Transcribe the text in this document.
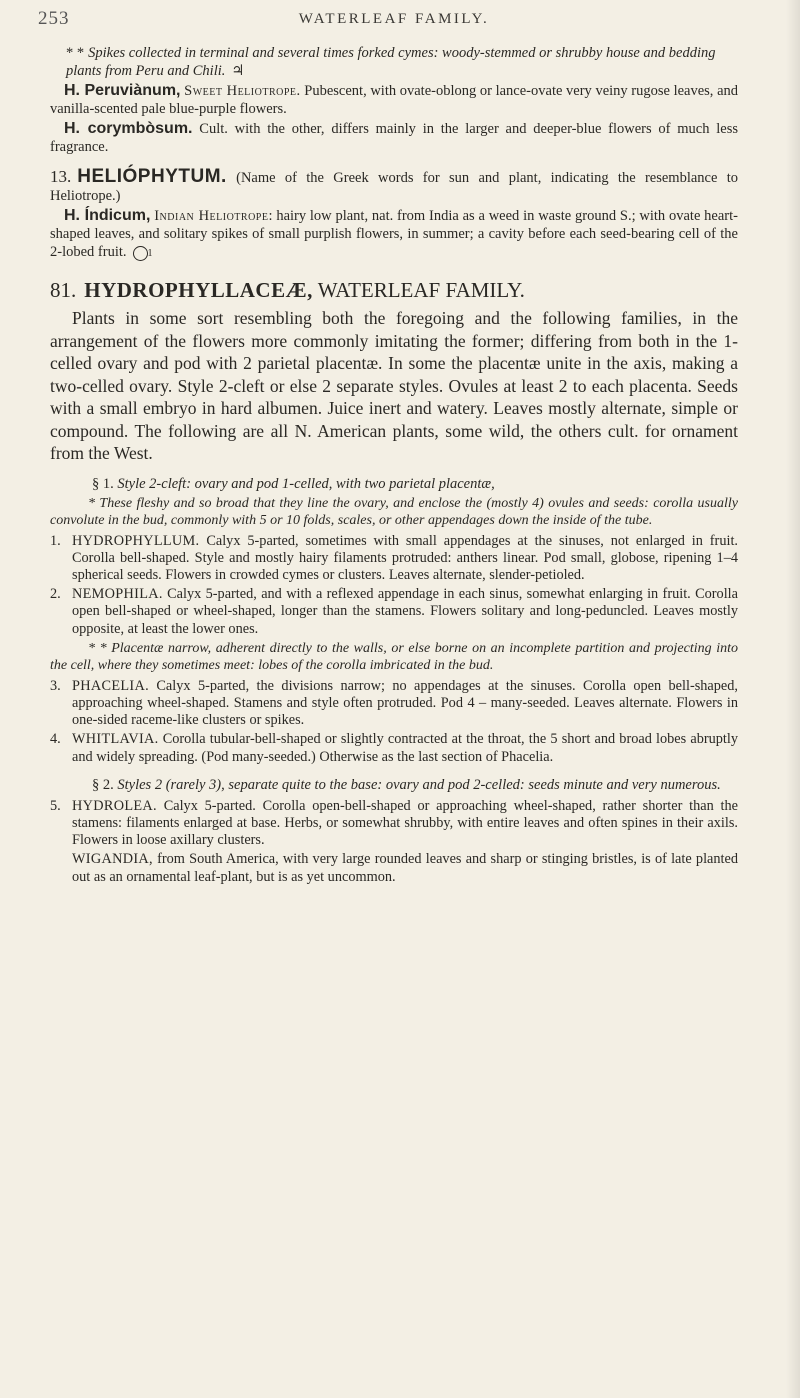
253	WATERLEAF FAMILY.

* * Spikes collected in terminal and several times forked cymes: woody-stemmed or shrubby house and bedding plants from Peru and Chili. ♃

H. Peruviànum, Sweet Heliotrope. Pubescent, with ovate-oblong or lance-ovate very veiny rugose leaves, and vanilla-scented pale blue-purple flowers.

H. corymbòsum. Cult. with the other, differs mainly in the larger and deeper-blue flowers of much less fragrance.

13. HELIÓPHYTUM. (Name of the Greek words for sun and plant, indicating the resemblance to Heliotrope.)

H. Índicum, Indian Heliotrope: hairy low plant, nat. from India as a weed in waste ground S.; with ovate heart-shaped leaves, and solitary spikes of small purplish flowers, in summer; a cavity before each seed-bearing cell of the 2-lobed fruit. 1

81. HYDROPHYLLACEÆ, WATERLEAF FAMILY.

Plants in some sort resembling both the foregoing and the following families, in the arrangement of the flowers more commonly imitating the former; differing from both in the 1-celled ovary and pod with 2 parietal placentæ. In some the placentæ unite in the axis, making a two-celled ovary. Style 2-cleft or else 2 separate styles. Ovules at least 2 to each placenta. Seeds with a small embryo in hard albumen. Juice inert and watery. Leaves mostly alternate, simple or compound. The following are all N. American plants, some wild, the others cult. for ornament from the West.

§ 1. Style 2-cleft: ovary and pod 1-celled, with two parietal placentæ,

* These fleshy and so broad that they line the ovary, and enclose the (mostly 4) ovules and seeds: corolla usually convolute in the bud, commonly with 5 or 10 folds, scales, or other appendages down the inside of the tube.

1. HYDROPHYLLUM. Calyx 5-parted, sometimes with small appendages at the sinuses, not enlarged in fruit. Corolla bell-shaped. Style and mostly hairy filaments protruded: anthers linear. Pod small, globose, ripening 1–4 spherical seeds. Flowers in crowded cymes or clusters. Leaves alternate, slender-petioled.
2. NEMOPHILA. Calyx 5-parted, and with a reflexed appendage in each sinus, somewhat enlarging in fruit. Corolla open bell-shaped or wheel-shaped, longer than the stamens. Flowers solitary and long-peduncled. Leaves mostly opposite, at least the lower ones.

* * Placentæ narrow, adherent directly to the walls, or else borne on an incomplete partition and projecting into the cell, where they sometimes meet: lobes of the corolla imbricated in the bud.

3. PHACELIA. Calyx 5-parted, the divisions narrow; no appendages at the sinuses. Corolla open bell-shaped, approaching wheel-shaped. Stamens and style often protruded. Pod 4 – many-seeded. Leaves alternate. Flowers in one-sided raceme-like clusters or spikes.
4. WHITLAVIA. Corolla tubular-bell-shaped or slightly contracted at the throat, the 5 short and broad lobes abruptly and widely spreading. (Pod many-seeded.) Otherwise as the last section of Phacelia.

§ 2. Styles 2 (rarely 3), separate quite to the base: ovary and pod 2-celled: seeds minute and very numerous.

5. HYDROLEA. Calyx 5-parted. Corolla open-bell-shaped or approaching wheel-shaped, rather shorter than the stamens: filaments enlarged at base. Herbs, or somewhat shrubby, with entire leaves and often spines in their axils. Flowers in loose axillary clusters.

WIGANDIA, from South America, with very large rounded leaves and sharp or stinging bristles, is of late planted out as an ornamental leaf-plant, but is as yet uncommon.
